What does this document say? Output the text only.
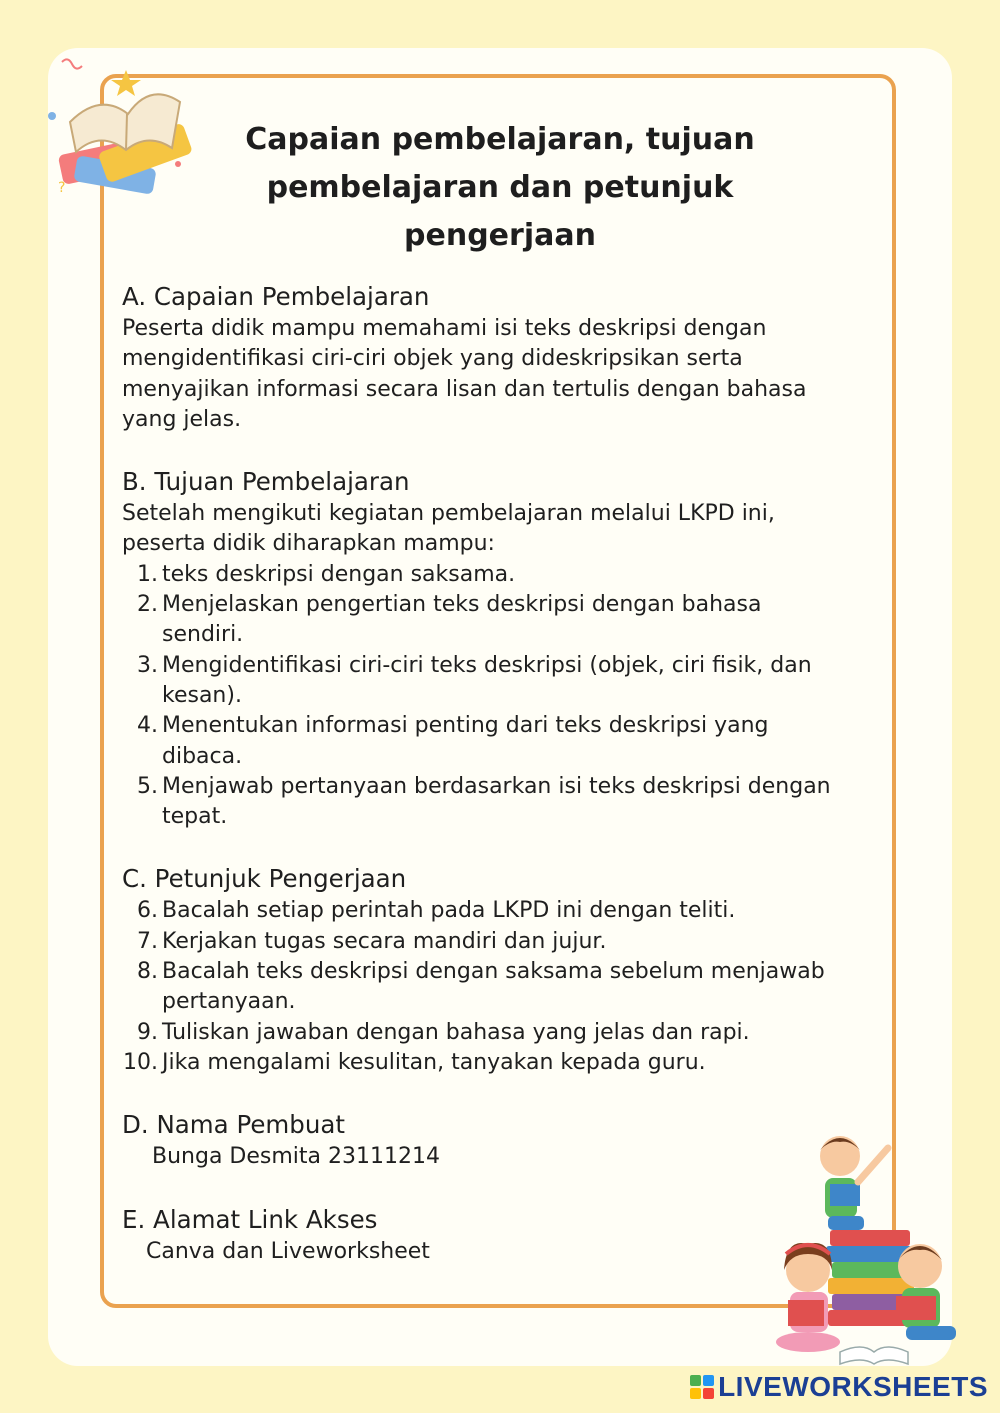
?
Capaian pembelajaran, tujuan
pembelajaran dan petunjuk
pengerjaan

A. Capaian Pembelajaran

Peserta didik mampu memahami isi teks deskripsi dengan

mengidentifikasi ciri-ciri objek yang dideskripsikan serta

menyajikan informasi secara lisan dan tertulis dengan bahasa

yang jelas.

B. Tujuan Pembelajaran

Setelah mengikuti kegiatan pembelajaran melalui LKPD ini,

peserta didik diharapkan mampu:

1. teks deskripsi dengan saksama.
2. Menjelaskan pengertian teks deskripsi dengan bahasa
sendiri.
3. Mengidentifikasi ciri-ciri teks deskripsi (objek, ciri fisik, dan
kesan).
4. Menentukan informasi penting dari teks deskripsi yang
dibaca.
5. Menjawab pertanyaan berdasarkan isi teks deskripsi dengan
tepat.

C. Petunjuk Pengerjaan

6. Bacalah setiap perintah pada LKPD ini dengan teliti.
7. Kerjakan tugas secara mandiri dan jujur.
8. Bacalah teks deskripsi dengan saksama sebelum menjawab
pertanyaan.
9. Tuliskan jawaban dengan bahasa yang jelas dan rapi.
10. Jika mengalami kesulitan, tanyakan kepada guru.

D. Nama Pembuat

Bunga Desmita 23111214

E. Alamat Link Akses

Canva dan Liveworksheet

LIVEWORKSHEETS
